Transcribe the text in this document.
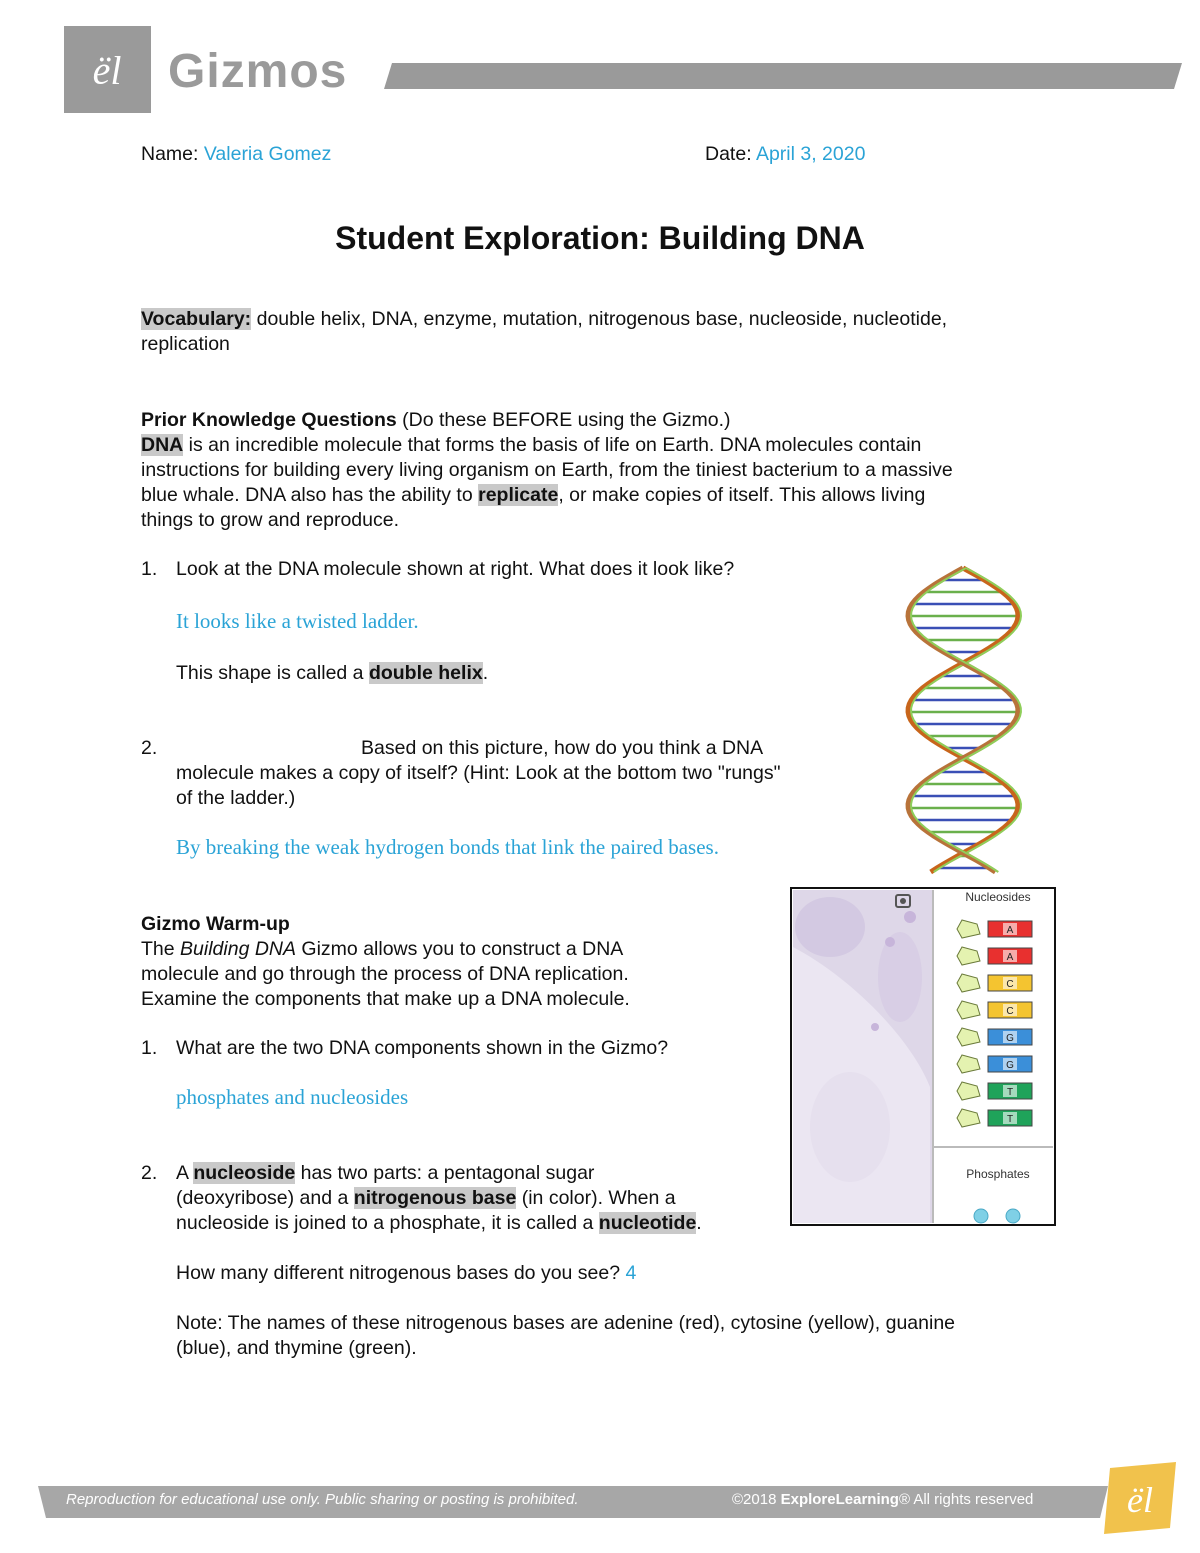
ël Gizmos
Name: Valeria Gomez	Date: April 3, 2020
Student Exploration: Building DNA
Vocabulary: double helix, DNA, enzyme, mutation, nitrogenous base, nucleoside, nucleotide,
replication
Prior Knowledge Questions (Do these BEFORE using the Gizmo.)
DNA is an incredible molecule that forms the basis of life on Earth. DNA molecules contain
instructions for building every living organism on Earth, from the tiniest bacterium to a massive
blue whale. DNA also has the ability to replicate, or make copies of itself. This allows living
things to grow and reproduce.
1. Look at the DNA molecule shown at right. What does it look like?
It looks like a twisted ladder.
This shape is called a double helix.
2.	Based on this picture, how do you think a DNA
molecule makes a copy of itself? (Hint: Look at the bottom two "rungs"
of the ladder.)
By breaking the weak hydrogen bonds that link the paired bases.
Gizmo Warm-up
The Building DNA Gizmo allows you to construct a DNA
molecule and go through the process of DNA replication.
Examine the components that make up a DNA molecule.
1. What are the two DNA components shown in the Gizmo?
phosphates and nucleosides
2. A nucleoside has two parts: a pentagonal sugar
(deoxyribose) and a nitrogenous base (in color). When a
nucleoside is joined to a phosphate, it is called a nucleotide.
How many different nitrogenous bases do you see? 4
Note: The names of these nitrogenous bases are adenine (red), cytosine (yellow), guanine
(blue), and thymine (green).
Nucleosides
Phosphates
A
A
C
C
G
G
T
T
Reproduction for educational use only. Public sharing or posting is prohibited.	©2018 ExploreLearning® All rights reserved	ël
